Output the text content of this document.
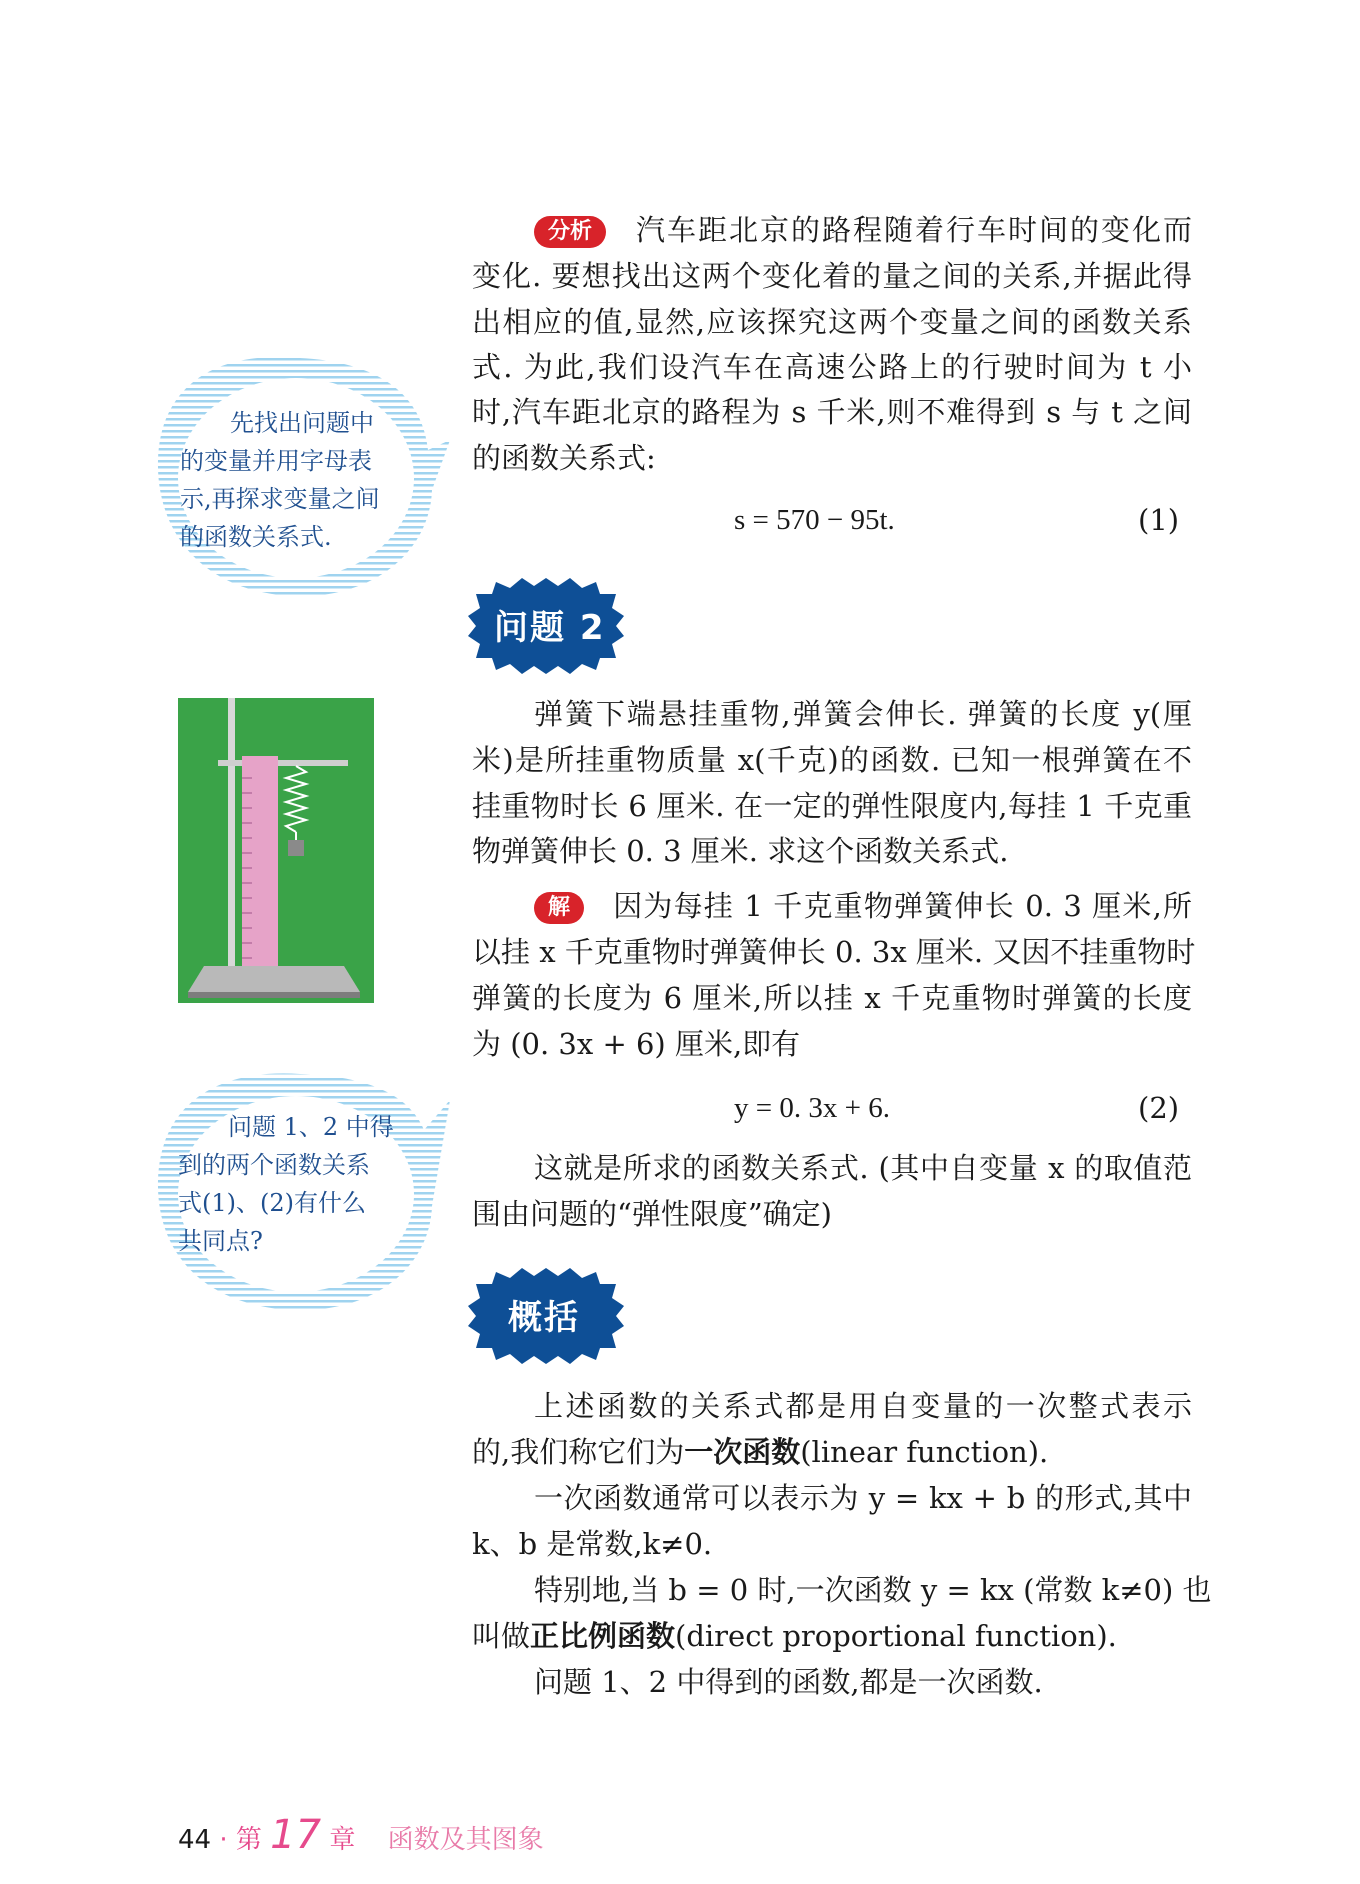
分析 汽车距北京的路程随着行车时间的变化而
变化. 要想找出这两个变化着的量之间的关系,并据此得
出相应的值,显然,应该探究这两个变量之间的函数关系
式. 为此,我们设汽车在高速公路上的行驶时间为 t 小
时,汽车距北京的路程为 s 千米,则不难得到 s 与 t 之间
的函数关系式:
s = 570 − 95t.	(1)
先找出问题中
的变量并用字母表
示,再探求变量之间
的函数关系式.
问题 2
弹簧下端悬挂重物,弹簧会伸长. 弹簧的长度 y(厘
米)是所挂重物质量 x(千克)的函数. 已知一根弹簧在不
挂重物时长 6 厘米. 在一定的弹性限度内,每挂 1 千克重
物弹簧伸长 0. 3 厘米. 求这个函数关系式.
解 因为每挂 1 千克重物弹簧伸长 0. 3 厘米,所
以挂 x 千克重物时弹簧伸长 0. 3x 厘米. 又因不挂重物时
弹簧的长度为 6 厘米,所以挂 x 千克重物时弹簧的长度
为 (0. 3x + 6) 厘米,即有
y = 0. 3x + 6.	(2)
这就是所求的函数关系式. (其中自变量 x 的取值范
围由问题的“弹性限度”确定)
问题 1、2 中得
到的两个函数关系
式(1)、(2)有什么
共同点?
概括
上述函数的关系式都是用自变量的一次整式表示
的,我们称它们为一次函数(linear function).
一次函数通常可以表示为 y = kx + b 的形式,其中
k、b 是常数,k≠0.
特别地,当 b = 0 时,一次函数 y = kx (常数 k≠0) 也
叫做正比例函数(direct proportional function).
问题 1、2 中得到的函数,都是一次函数.
44 · 第 17 章 函数及其图象
